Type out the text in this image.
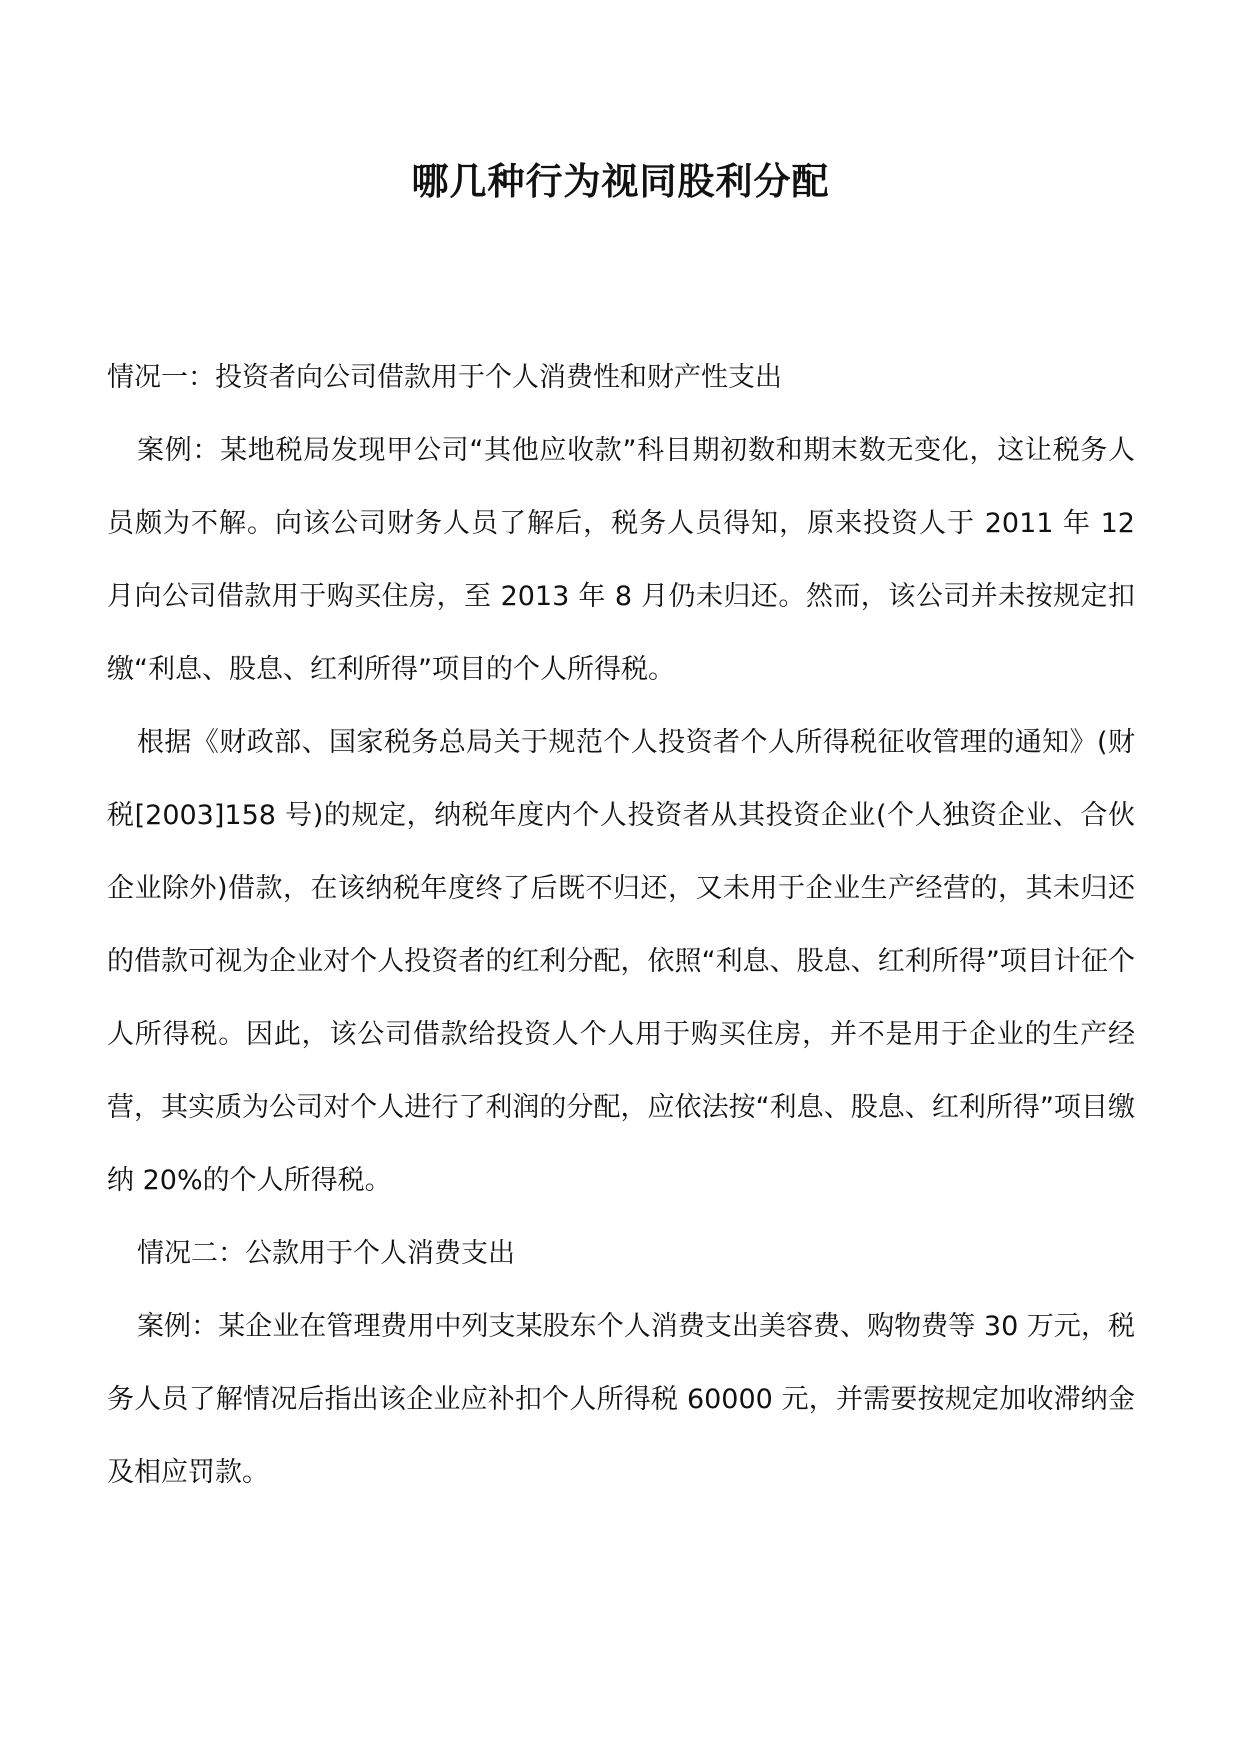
哪几种行为视同股利分配

情况一：投资者向公司借款用于个人消费性和财产性支出

案例：某地税局发现甲公司“其他应收款”科目期初数和期末数无变化，这让税务人员颇为不解。向该公司财务人员了解后，税务人员得知，原来投资人于 2011 年 12 月向公司借款用于购买住房，至 2013 年 8 月仍未归还。然而，该公司并未按规定扣缴“利息、股息、红利所得”项目的个人所得税。

根据《财政部、国家税务总局关于规范个人投资者个人所得税征收管理的通知》(财税[2003]158 号)的规定，纳税年度内个人投资者从其投资企业(个人独资企业、合伙企业除外)借款，在该纳税年度终了后既不归还，又未用于企业生产经营的，其未归还的借款可视为企业对个人投资者的红利分配，依照“利息、股息、红利所得”项目计征个人所得税。因此，该公司借款给投资人个人用于购买住房，并不是用于企业的生产经营，其实质为公司对个人进行了利润的分配，应依法按“利息、股息、红利所得”项目缴纳 20%的个人所得税。

情况二：公款用于个人消费支出

案例：某企业在管理费用中列支某股东个人消费支出美容费、购物费等 30 万元，税务人员了解情况后指出该企业应补扣个人所得税 60000 元，并需要按规定加收滞纳金及相应罚款。
